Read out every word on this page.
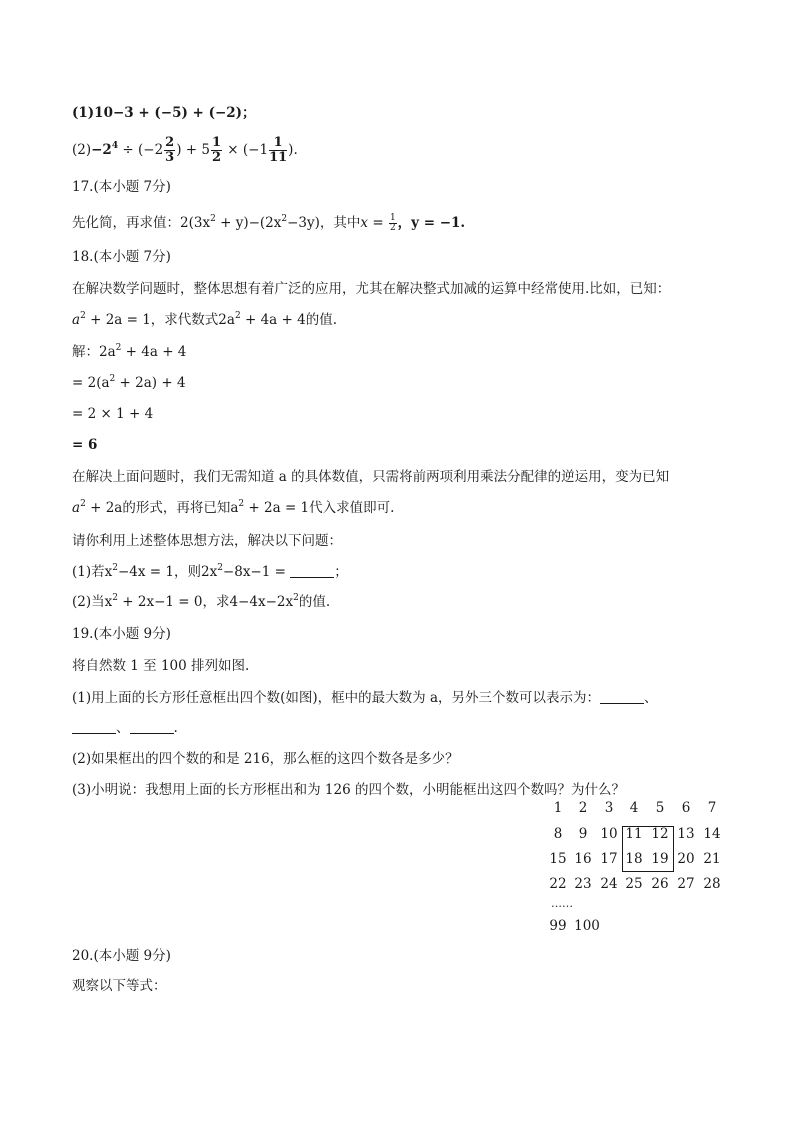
(1)10−3 + (−5) + (−2)；
$(2)-2^4 \div (-2 \frac{2}{3}$ ) + $5 \frac{1}{2} \times (-1 \frac{1}{11}$ ).
17.(本小题 7分)
先化简，再求值：$2(3x^2 + y)-(2x^2-3y)$，其中$x = \frac{1}{2}$ ，y = −1.
18.(本小题 7分)
在解决数学问题时，整体思想有着广泛的应用，尤其在解决整式加减的运算中经常使用.比如，已知：
$a^2 + 2a = 1$，求代数式$2a^2 + 4a + 4$的值.
解：$2a^2 + 4a + 4$
= $2(a^2 + 2a) + 4$
= 2 × 1 + 4
= 6
在解决上面问题时，我们无需知道 a 的具体数值，只需将前两项利用乘法分配律的逆运用，变为已知
$a^2 + 2a$的形式，再将已知$a^2 + 2a = 1$代入求值即可.
请你利用上述整体思想方法，解决以下问题：
(1)若$x^2-4x = 1$，则$2x^2-8x-1$ =	；
(2)当$x^2 + 2x-1 = 0$，求$4-4x-2x^2$的值.
19.(本小题 9分)
将自然数 1 至 100 排列如图.
(1)用上面的长方形任意框出四个数(如图)，框中的最大数为 a，另外三个数可以表示为：	、
、	.
(2)如果框出的四个数的和是 216，那么框的这四个数各是多少？
(3)小明说：我想用上面的长方形框出和为 126 的四个数，小明能框出这四个数吗？为什么？
1	2	3	4	5	6	7
8	9 10 11 12 13 14
15 16 17 18 19 20 21
22 23 24 25 26 27 28
……
99 100
20.(本小题 9分)
观察以下等式：
